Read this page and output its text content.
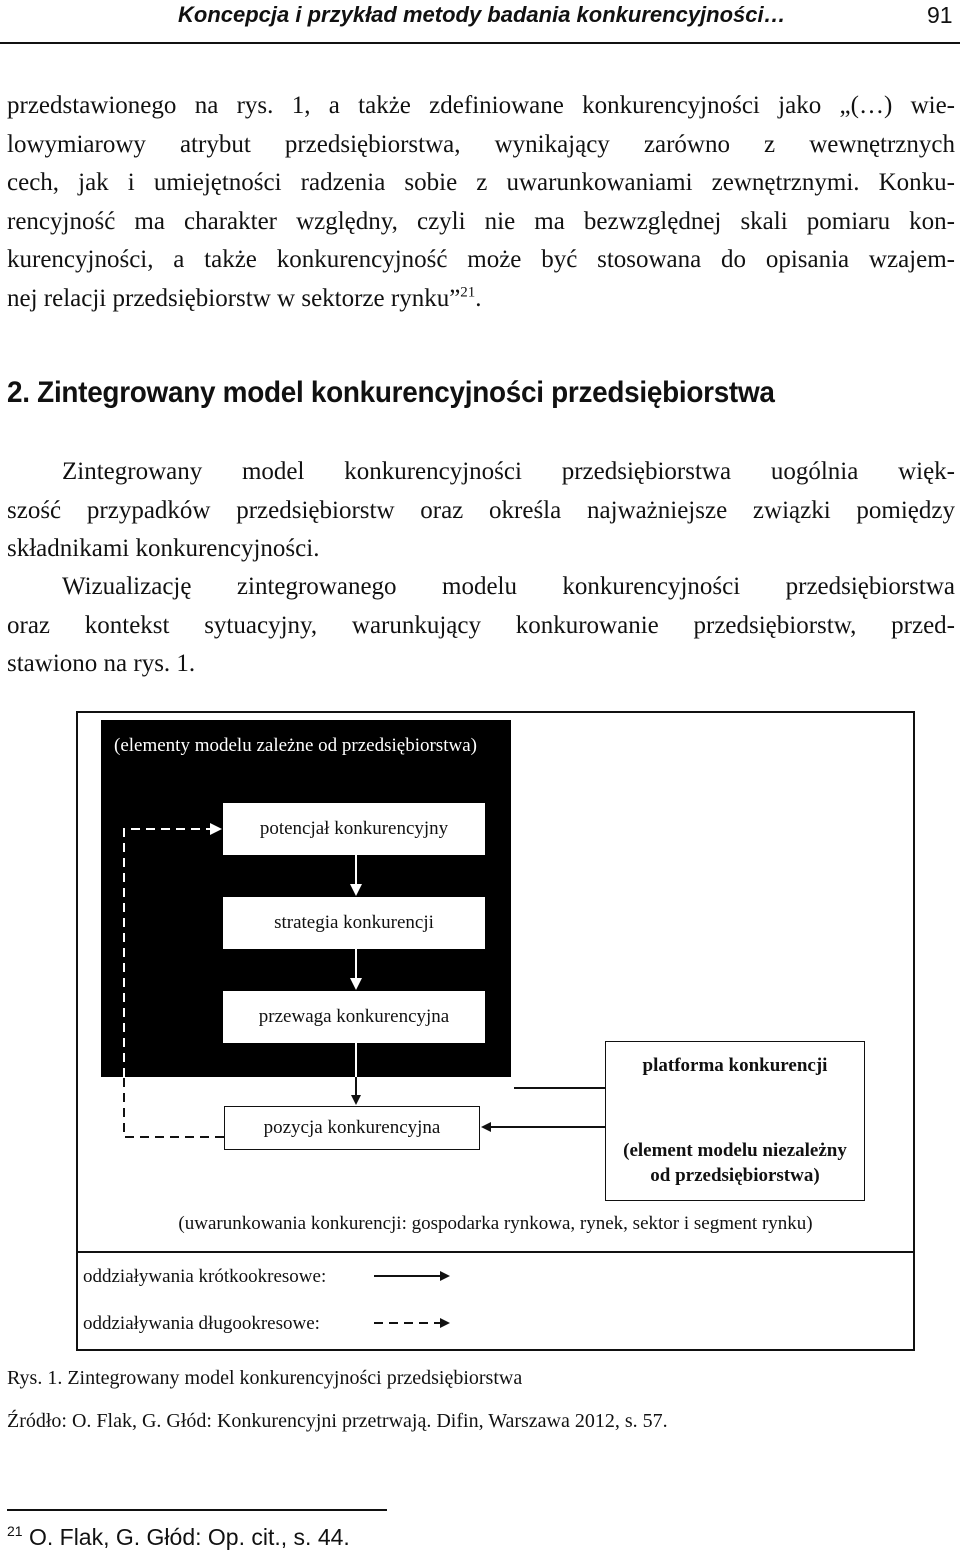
Koncepcja i przykład metody badania konkurencyjności…	91

przedstawionego na rys. 1, a także zdefiniowane konkurencyjności jako „(…) wie-
lowymiarowy atrybut przedsiębiorstwa, wynikający zarówno z wewnętrznych
cech, jak i umiejętności radzenia sobie z uwarunkowaniami zewnętrznymi. Konku-
rencyjność ma charakter względny, czyli nie ma bezwzględnej skali pomiaru kon-
kurencyjności, a także konkurencyjność może być stosowana do opisania wzajem-
nej relacji przedsiębiorstw w sektorze rynku”$^{21}$.

2. Zintegrowany model konkurencyjności przedsiębiorstwa

Zintegrowany model konkurencyjności przedsiębiorstwa uogólnia więk-
szość przypadków przedsiębiorstw oraz określa najważniejsze związki pomiędzy
składnikami konkurencyjności.

Wizualizację zintegrowanego modelu konkurencyjności przedsiębiorstwa
oraz kontekst sytuacyjny, warunkujący konkurowanie przedsiębiorstw, przed-
stawiono na rys. 1.

(elementy modelu zależne od przedsiębiorstwa)
potencjał konkurencyjny
strategia konkurencji
przewaga konkurencyjna
pozycja konkurencyjna
platforma konkurencji
(element modelu niezależny
od przedsiębiorstwa)
(uwarunkowania konkurencji: gospodarka rynkowa, rynek, sektor i segment rynku)
oddziaływania krótkookresowe:
oddziaływania długookresowe:
Rys. 1. Zintegrowany model konkurencyjności przedsiębiorstwa
Źródło: O. Flak, G. Głód: Konkurencyjni przetrwają. Difin, Warszawa 2012, s. 57.
$^{21}$ O. Flak, G. Głód: Op. cit., s. 44.
